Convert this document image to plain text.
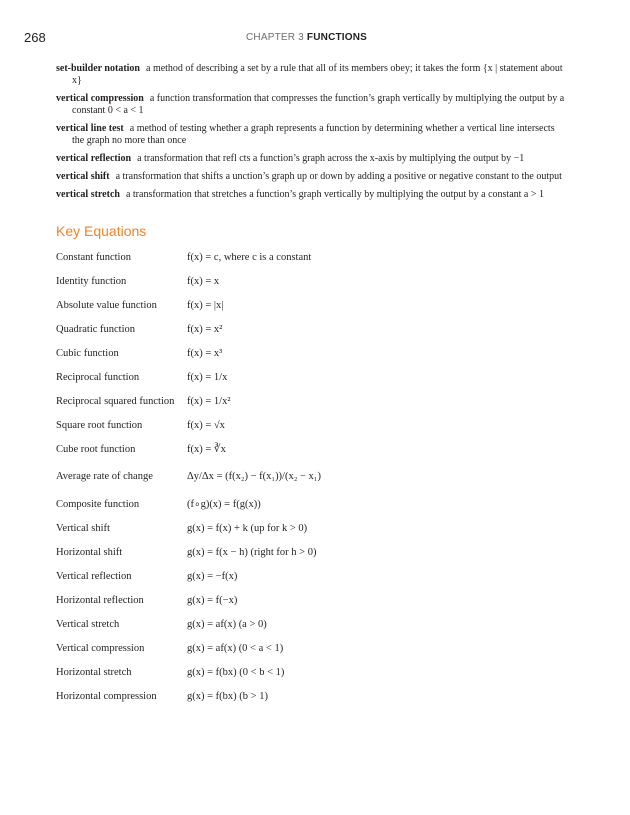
268	CHAPTER 3 FUNCTIONS

set-builder notation a method of describing a set by a rule that all of its members obey; it takes the form {x | statement about x}

vertical compression a function transformation that compresses the function’s graph vertically by multiplying the output by a constant 0 < a < 1

vertical line test a method of testing whether a graph represents a function by determining whether a vertical line intersects the graph no more than once

vertical reflection a transformation that refl cts a function’s graph across the x-axis by multiplying the output by −1

vertical shift a transformation that shifts a unction’s graph up or down by adding a positive or negative constant to the output

vertical stretch a transformation that stretches a function’s graph vertically by multiplying the output by a constant a > 1

Key Equations
Constant function	f(x) = c, where c is a constant
Identity function	f(x) = x
Absolute value function	f(x) = |x|
Quadratic function	f(x) = x²
Cubic function	f(x) = x³
Reciprocal function	f(x) = 1/x
Reciprocal squared function f(x) = 1/x²
Square root function	f(x) = √x
Cube root function	f(x) = ∛x
Average rate of change	Δy/Δx = (f(x₂) − f(x₁))/(x₂ − x₁)
Composite function	(f∘g)(x) = f(g(x))
Vertical shift	g(x) = f(x) + k (up for k > 0)
Horizontal shift	g(x) = f(x − h) (right for h > 0)
Vertical reflection	g(x) = −f(x)
Horizontal reflection	g(x) = f(−x)
Vertical stretch	g(x) = af(x) (a > 0)
Vertical compression	g(x) = af(x) (0 < a < 1)
Horizontal stretch	g(x) = f(bx) (0 < b < 1)
Horizontal compression	g(x) = f(bx) (b > 1)
